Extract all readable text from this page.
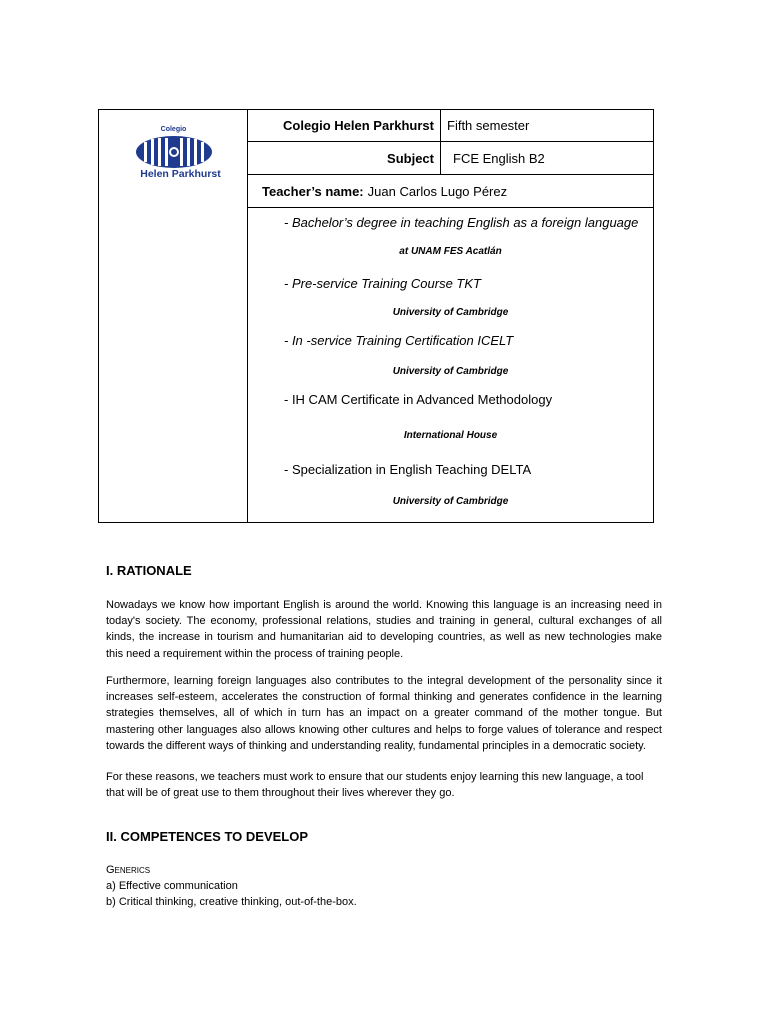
Colegio
Helen Parkhurst
Colegio Helen Parkhurst	Fifth semester
Subject	FCE English B2
Teacher’s name: Juan Carlos Lugo Pérez
- Bachelor’s degree in teaching English as a foreign language
at UNAM FES Acatlán
- Pre-service Training Course TKT
University of Cambridge
- In -service Training Certification ICELT
University of Cambridge
- IH CAM Certificate in Advanced Methodology
International House
- Specialization in English Teaching DELTA
University of Cambridge
I. RATIONALE
Nowadays we know how important English is around the world. Knowing this language is an increasing need in today's society. The economy, professional relations, studies and training in general, cultural exchanges of all kinds, the increase in tourism and humanitarian aid to developing countries, as well as new technologies make this need a requirement within the process of training people.
Furthermore, learning foreign languages also contributes to the integral development of the personality since it increases self-esteem, accelerates the construction of formal thinking and generates confidence in the learning strategies themselves, all of which in turn has an impact on a greater command of the mother tongue. But mastering other languages also allows knowing other cultures and helps to forge values of tolerance and respect towards the different ways of thinking and understanding reality, fundamental principles in a democratic society.
For these reasons, we teachers must work to ensure that our students enjoy learning this new language, a tool that will be of great use to them throughout their lives wherever they go.
II. COMPETENCES TO DEVELOP
Generics
a) Effective communication
b) Critical thinking, creative thinking, out-of-the-box.
